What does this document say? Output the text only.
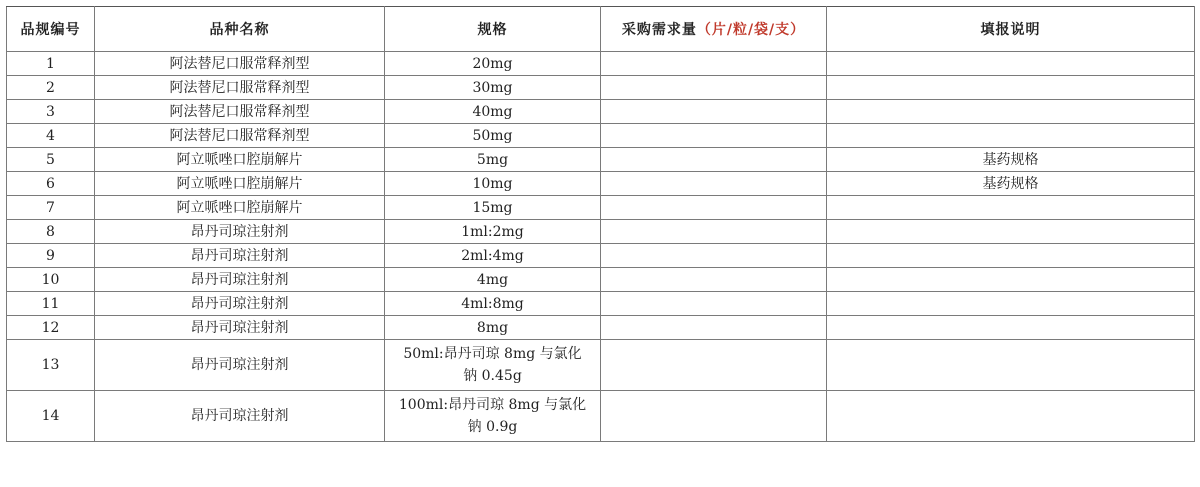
品规编号	品种名称	规格	采购需求量（片/粒/袋/支）	填报说明
1	阿法替尼口服常释剂型	20mg		
2	阿法替尼口服常释剂型	30mg		
3	阿法替尼口服常释剂型	40mg		
4	阿法替尼口服常释剂型	50mg		
5	阿立哌唑口腔崩解片	5mg		基药规格
6	阿立哌唑口腔崩解片	10mg		基药规格
7	阿立哌唑口腔崩解片	15mg		
8	昂丹司琼注射剂	1ml:2mg		
9	昂丹司琼注射剂	2ml:4mg		
10	昂丹司琼注射剂	4mg		
11	昂丹司琼注射剂	4ml:8mg		
12	昂丹司琼注射剂	8mg		
13	昂丹司琼注射剂	50ml:昂丹司琼 8mg 与氯化钠 0.45g		
14	昂丹司琼注射剂	100ml:昂丹司琼 8mg 与氯化钠 0.9g		
